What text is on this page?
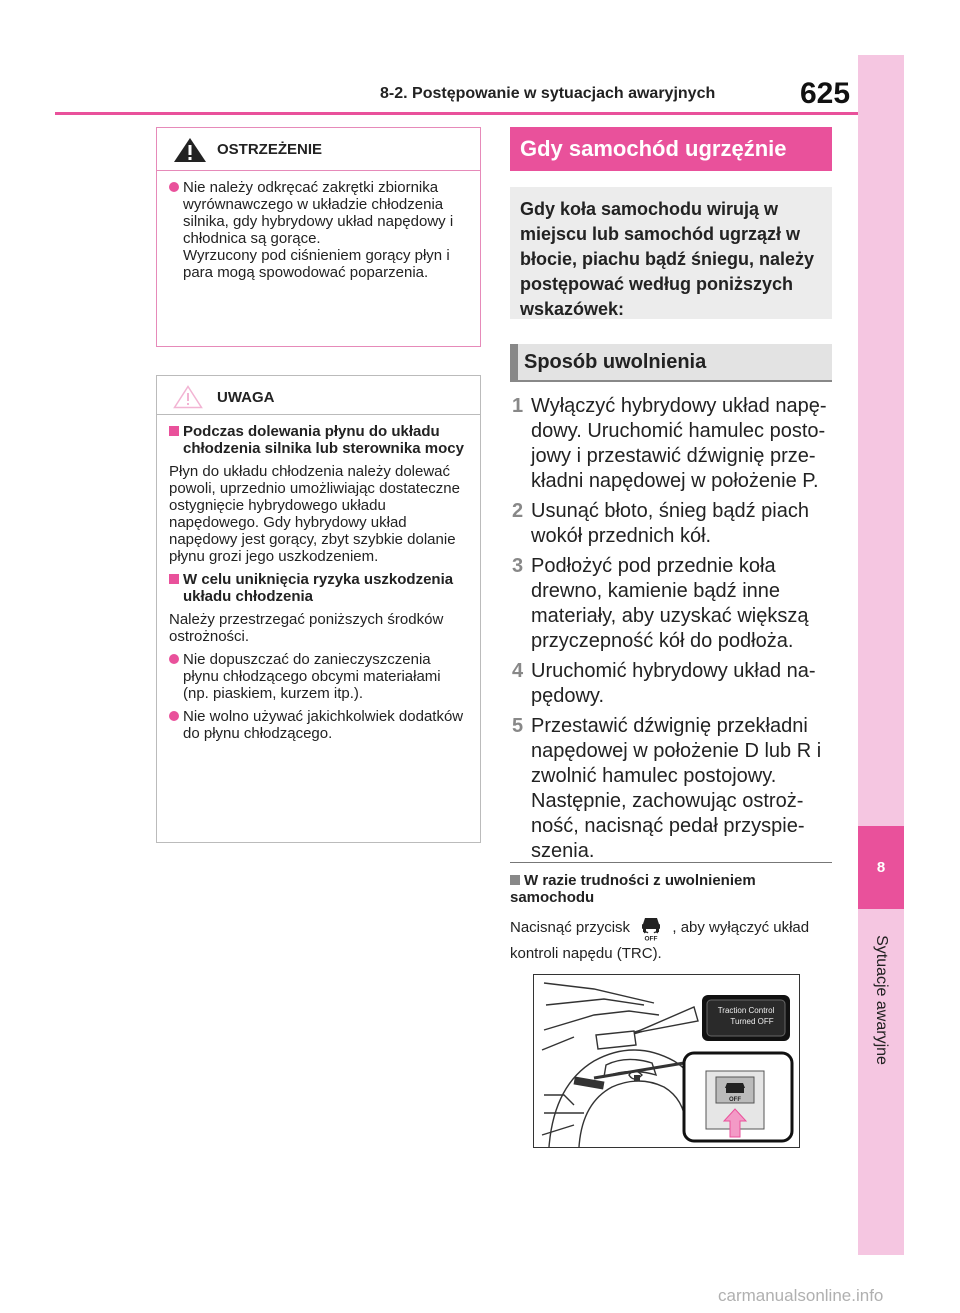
8
Sytuacje awaryjne
8-2. Postępowanie w sytuacjach awaryjnych	625
OSTRZEŻENIE
Nie należy odkręcać zakrętki zbiornika wyrównawczego w układzie chłodzenia silnika, gdy hybrydowy układ napędowy i chłodnica są gorące.
Wyrzucony pod ciśnieniem gorący płyn i para mogą spowodować poparzenia.
UWAGA
Podczas dolewania płynu do układu chłodzenia silnika lub sterownika mocy
Płyn do układu chłodzenia należy dolewać powoli, uprzednio umożliwiając dostateczne ostygnięcie hybrydowego układu napędowego. Gdy hybrydowy układ napędowy jest gorący, zbyt szybkie dolanie płynu grozi jego uszkodzeniem.
W celu uniknięcia ryzyka uszkodzenia układu chłodzenia
Należy przestrzegać poniższych środków ostrożności.
Nie dopuszczać do zanieczyszczenia płynu chłodzącego obcymi materiałami (np. piaskiem, kurzem itp.).
Nie wolno używać jakichkolwiek dodatków do płynu chłodzącego.
Gdy samochód ugrzęźnie
Gdy koła samochodu wirują w miejscu lub samochód ugrzązł w błocie, piachu bądź śniegu, należy postępować według poniższych wskazówek:
Sposób uwolnienia
1 Wyłączyć hybrydowy układ napędowy. Uruchomić hamulec postojowy i przestawić dźwignię przekładni napędowej w położenie P.
2 Usunąć błoto, śnieg bądź piach wokół przednich kół.
3 Podłożyć pod przednie koła drewno, kamienie bądź inne materiały, aby uzyskać większą przyczepność kół do podłoża.
4 Uruchomić hybrydowy układ napędowy.
5 Przestawić dźwignię przekładni napędowej w położenie D lub R i zwolnić hamulec postojowy. Następnie, zachowując ostrożność, nacisnąć pedał przyspieszenia.
W razie trudności z uwolnieniem samochodu
Nacisnąć przycisk
OFF
, aby wyłączyć układ kontroli napędu (TRC).
Traction Control
Turned OFF
OFF
carmanualsonline.info
